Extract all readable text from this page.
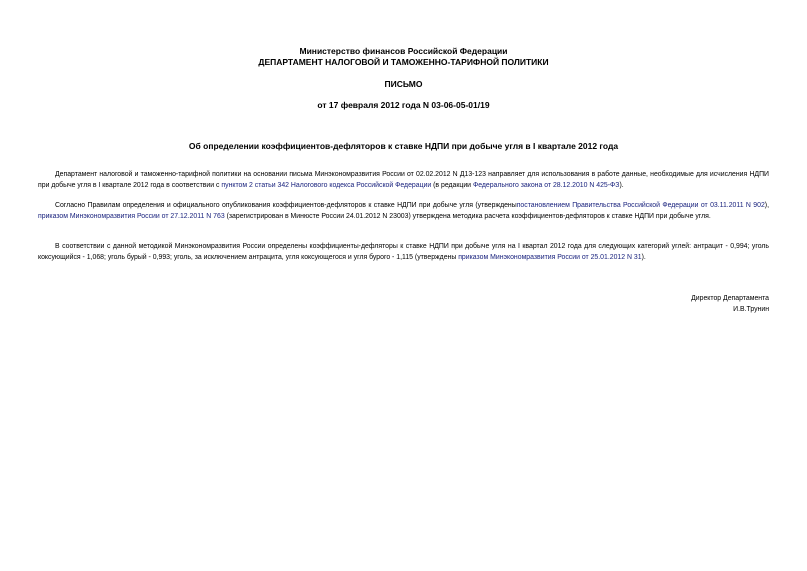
Министерство финансов Российской Федерации
ДЕПАРТАМЕНТ НАЛОГОВОЙ И ТАМОЖЕННО-ТАРИФНОЙ ПОЛИТИКИ
ПИСЬМО
от 17 февраля 2012 года N 03-06-05-01/19
Об определении коэффициентов-дефляторов к ставке НДПИ при добыче угля в I квартале 2012 года

Департамент налоговой и таможенно-тарифной политики на основании письма Минэкономразвития России от 02.02.2012 N Д13-123 направляет для использования в работе данные, необходимые для исчисления НДПИ при добыче угля в I квартале 2012 года в соответствии с пунктом 2 статьи 342 Налогового кодекса Российской Федерации (в редакции Федерального закона от 28.12.2010 N 425-ФЗ).

Согласно Правилам определения и официального опубликования коэффициентов-дефляторов к ставке НДПИ при добыче угля (утвержденыпостановлением Правительства Российской Федерации от 03.11.2011 N 902), приказом Минэкономразвития России от 27.12.2011 N 763 (зарегистрирован в Минюсте России 24.01.2012 N 23003) утверждена методика расчета коэффициентов-дефляторов к ставке НДПИ при добыче угля.

В соответствии с данной методикой Минэкономразвития России определены коэффициенты-дефляторы к ставке НДПИ при добыче угля на I квартал 2012 года для следующих категорий углей: антрацит - 0,994; уголь коксующийся - 1,068; уголь бурый - 0,993; уголь, за исключением антрацита, угля коксующегося и угля бурого - 1,115 (утверждены приказом Минэкономразвития России от 25.01.2012 N 31).

Директор Департамента
И.В.Трунин
